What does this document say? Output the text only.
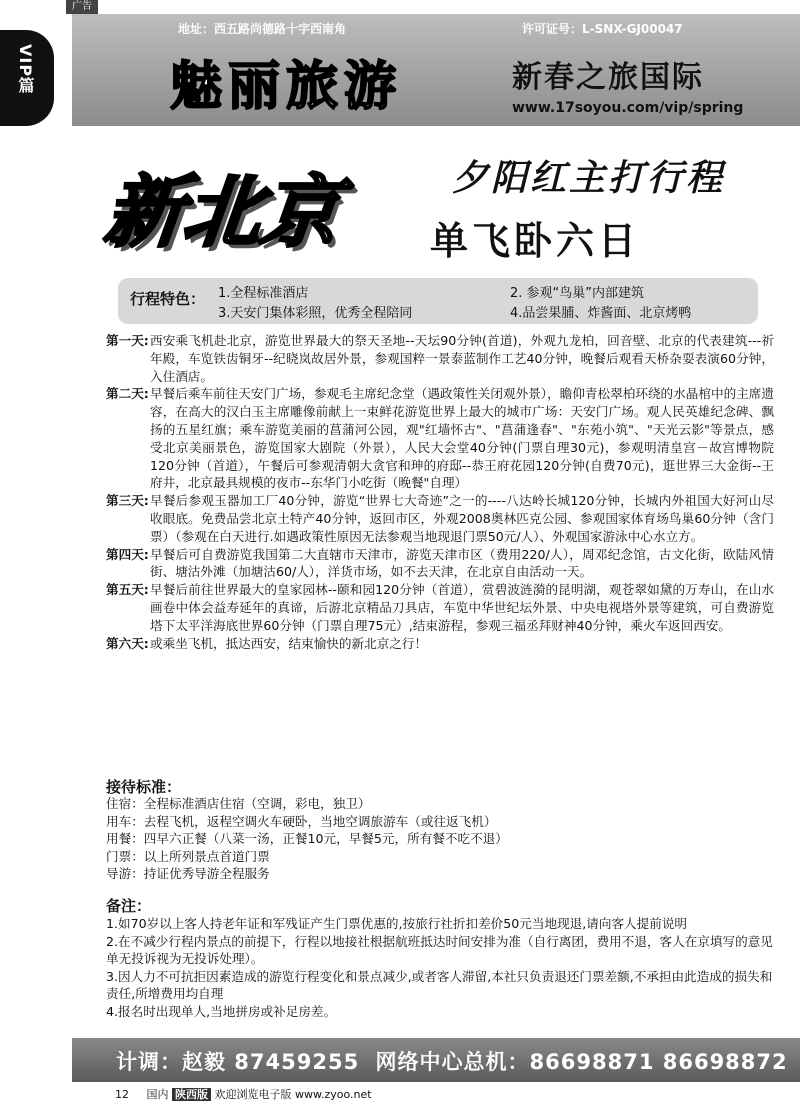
广告
VIP篇
地址：西五路尚德路十字西南角	许可证号：L-SNX-GJ00047
魅丽旅游	新春之旅国际
www.17soyou.com/vip/spring
新北京	夕阳红主打行程
单飞卧六日
行程特色： 1.全程标准酒店	2. 参观“鸟巢”内部建筑
3.天安门集体彩照，优秀全程陪同	4.品尝果脯、炸酱面、北京烤鸭
第一天: 西安乘飞机赴北京，游览世界最大的祭天圣地--天坛90分钟(首道)，外观九龙柏，回音壁、北京的代表建筑---祈年殿，车览铁齿铜牙--纪晓岚故居外景，参观国粹一景泰蓝制作工艺40分钟，晚餐后观看天桥杂耍表演60分钟，入住酒店。
第二天: 早餐后乘车前往天安门广场，参观毛主席纪念堂（遇政策性关闭观外景），瞻仰青松翠柏环绕的水晶棺中的主席遗容，在高大的汉白玉主席雕像前献上一束鲜花游览世界上最大的城市广场：天安门广场。观人民英雄纪念碑、飘扬的五星红旗；乘车游览美丽的菖蒲河公园，观"红墙怀古"、"菖蒲逢春"、"东苑小筑"、"天光云影"等景点，感受北京美丽景色，游览国家大剧院（外景），人民大会堂40分钟(门票自理30元)，参观明清皇宫－故宫博物院120分钟（首道），午餐后可参观清朝大贪官和珅的府邸--恭王府花园120分钟(自费70元)，逛世界三大金街--王府井，北京最具规模的夜市--东华门小吃街（晚餐"自理）
第三天: 早餐后参观玉器加工厂40分钟，游览“世界七大奇迹”之一的----八达岭长城120分钟，长城内外祖国大好河山尽收眼底。免费品尝北京土特产40分钟，返回市区，外观2008奥林匹克公园、参观国家体育场鸟巢60分钟（含门票）（参观在白天进行.如遇政策性原因无法参观当地现退门票50元/人）、外观国家游泳中心水立方。
第四天: 早餐后可自费游览我国第二大直辖市天津市，游览天津市区（费用220/人），周邓纪念馆，古文化街，欧陆风情街、塘沽外滩（加塘沽60/人），洋货市场，如不去天津，在北京自由活动一天。
第五天: 早餐后前往世界最大的皇家园林--颐和园120分钟（首道），赏碧波涟漪的昆明湖，观苍翠如黛的万寿山，在山水画卷中体会益寿延年的真谛，后游北京精品刀具店，车览中华世纪坛外景、中央电视塔外景等建筑，可自费游览塔下太平洋海底世界60分钟（门票自理75元）,结束游程，参观三福丞拜财神40分钟，乘火车返回西安。
第六天: 或乘坐飞机，抵达西安，结束愉快的新北京之行！
接待标准：
住宿：全程标准酒店住宿（空调，彩电，独卫）
用车：去程飞机，返程空调火车硬卧，当地空调旅游车（或往返飞机）
用餐：四早六正餐（八菜一汤，正餐10元，早餐5元，所有餐不吃不退）
门票：以上所列景点首道门票
导游：持证优秀导游全程服务
备注：

1.如70岁以上客人持老年证和军残证产生门票优惠的,按旅行社折扣差价50元当地现退,请向客人提前说明

2.在不减少行程内景点的前提下，行程以地接社根据航班抵达时间安排为准（自行离团，费用不退，客人在京填写的意见单无投诉视为无投诉处理）。

3.因人力不可抗拒因素造成的游览行程变化和景点减少,或者客人滞留,本社只负责退还门票差额,不承担由此造成的损失和责任,所增费用均自理

4.报名时出现单人,当地拼房或补足房差。

计调：赵毅 87459255 网络中心总机：86698871 86698872
12 国内 陕西版 欢迎浏览电子版 www.zyoo.net
